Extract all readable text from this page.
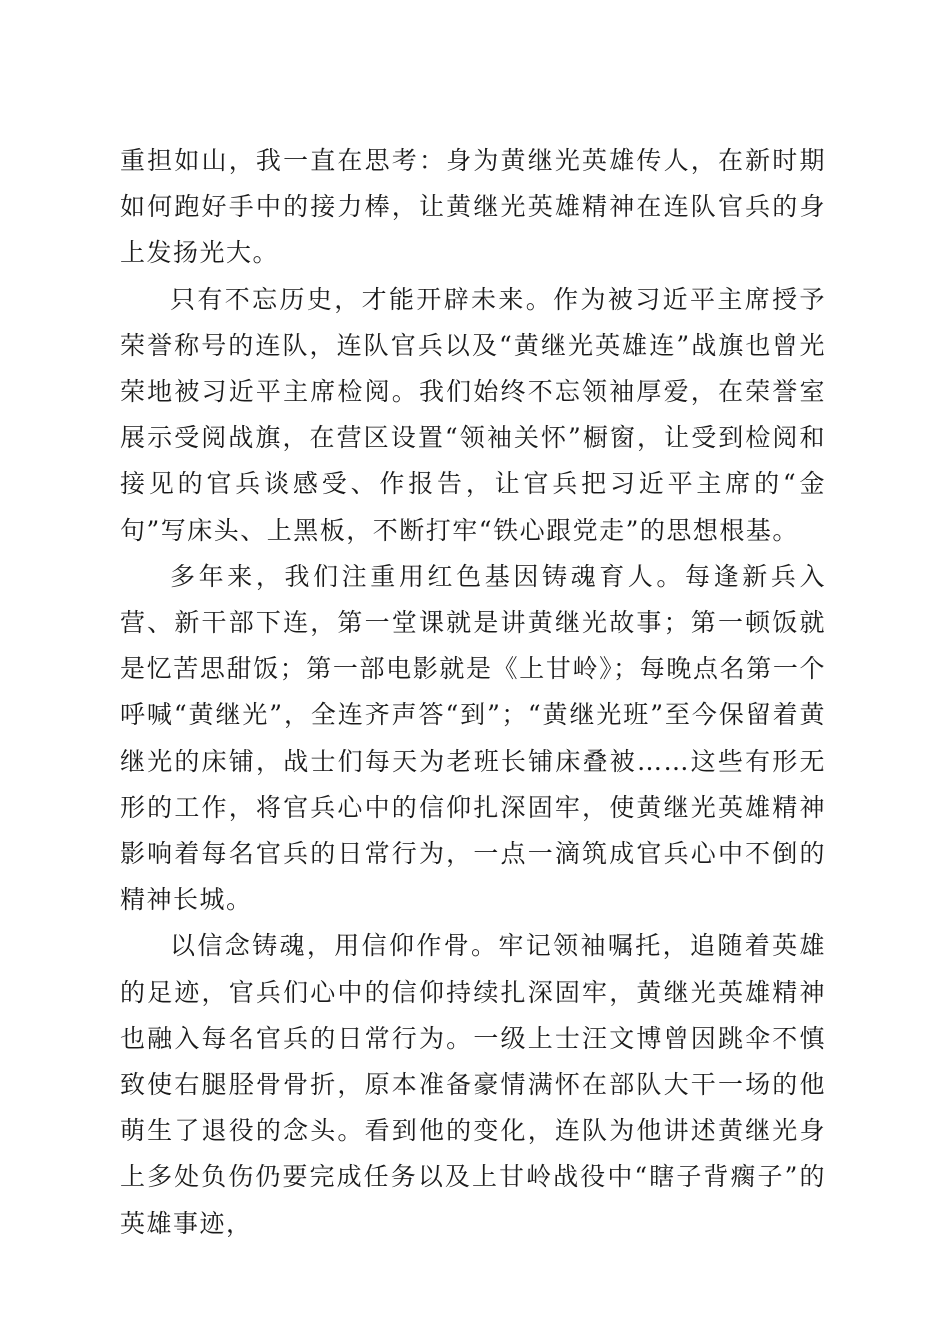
重担如山，我一直在思考：身为黄继光英雄传人，在新时期如何跑好手中的接力棒，让黄继光英雄精神在连队官兵的身上发扬光大。

只有不忘历史，才能开辟未来。作为被习近平主席授予荣誉称号的连队，连队官兵以及“黄继光英雄连”战旗也曾光荣地被习近平主席检阅。我们始终不忘领袖厚爱，在荣誉室展示受阅战旗，在营区设置“领袖关怀”橱窗，让受到检阅和接见的官兵谈感受、作报告，让官兵把习近平主席的“金句”写床头、上黑板，不断打牢“铁心跟党走”的思想根基。

多年来，我们注重用红色基因铸魂育人。每逢新兵入营、新干部下连，第一堂课就是讲黄继光故事；第一顿饭就是忆苦思甜饭；第一部电影就是《上甘岭》；每晚点名第一个呼喊“黄继光”，全连齐声答“到”；“黄继光班”至今保留着黄继光的床铺，战士们每天为老班长铺床叠被……这些有形无形的工作，将官兵心中的信仰扎深固牢，使黄继光英雄精神影响着每名官兵的日常行为，一点一滴筑成官兵心中不倒的精神长城。

以信念铸魂，用信仰作骨。牢记领袖嘱托，追随着英雄的足迹，官兵们心中的信仰持续扎深固牢，黄继光英雄精神也融入每名官兵的日常行为。一级上士汪文博曾因跳伞不慎致使右腿胫骨骨折，原本准备豪情满怀在部队大干一场的他萌生了退役的念头。看到他的变化，连队为他讲述黄继光身上多处负伤仍要完成任务以及上甘岭战役中“瞎子背瘸子”的英雄事迹，
